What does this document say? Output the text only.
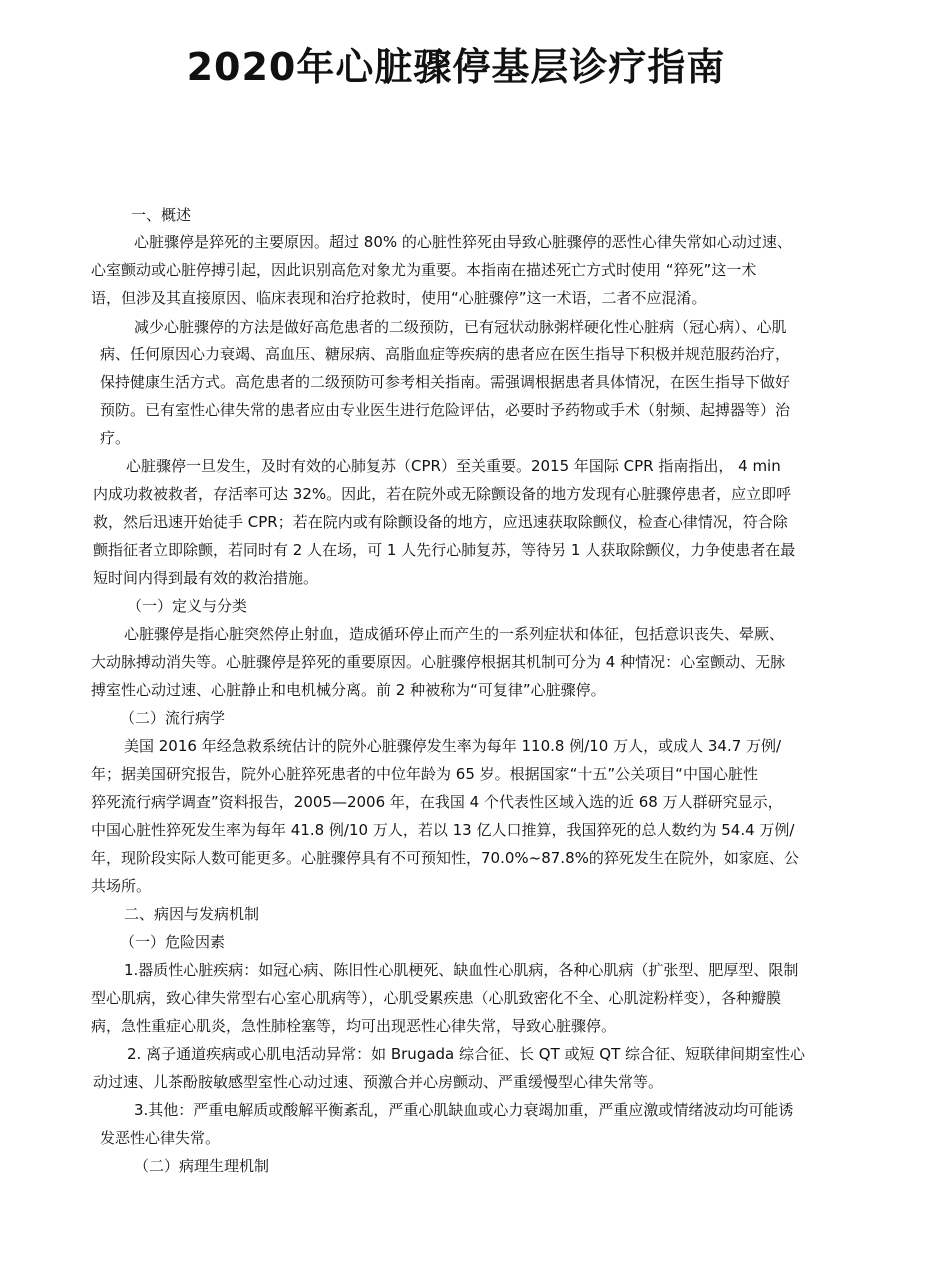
2020年心脏骤停基层诊疗指南
一、概述
心脏骤停是猝死的主要原因。超过 80% 的心脏性猝死由导致心脏骤停的恶性心律失常如心动过速、
心室颤动或心脏停搏引起，因此识别高危对象尤为重要。本指南在描述死亡方式时使用 “猝死”这一术
语，但涉及其直接原因、临床表现和治疗抢救时，使用“心脏骤停”这一术语，二者不应混淆。
减少心脏骤停的方法是做好高危患者的二级预防，已有冠状动脉粥样硬化性心脏病（冠心病）、心肌
病、任何原因心力衰竭、高血压、糖尿病、高脂血症等疾病的患者应在医生指导下积极并规范服药治疗，
保持健康生活方式。高危患者的二级预防可参考相关指南。需强调根据患者具体情况，在医生指导下做好
预防。已有室性心律失常的患者应由专业医生进行危险评估，必要时予药物或手术（射频、起搏器等）治
疗。
心脏骤停一旦发生，及时有效的心肺复苏（CPR）至关重要。2015 年国际 CPR 指南指出， 4 min
内成功救被救者，存活率可达 32%。因此，若在院外或无除颤设备的地方发现有心脏骤停患者，应立即呼
救，然后迅速开始徒手 CPR；若在院内或有除颤设备的地方，应迅速获取除颤仪，检查心律情况，符合除
颤指征者立即除颤，若同时有 2 人在场，可 1 人先行心肺复苏，等待另 1 人获取除颤仪，力争使患者在最
短时间内得到最有效的救治措施。
（一）定义与分类
心脏骤停是指心脏突然停止射血，造成循环停止而产生的一系列症状和体征，包括意识丧失、晕厥、
大动脉搏动消失等。心脏骤停是猝死的重要原因。心脏骤停根据其机制可分为 4 种情况：心室颤动、无脉
搏室性心动过速、心脏静止和电机械分离。前 2 种被称为“可复律”心脏骤停。
（二）流行病学
美国 2016 年经急救系统估计的院外心脏骤停发生率为每年 110.8 例/10 万人，或成人 34.7 万例/
年；据美国研究报告，院外心脏猝死患者的中位年龄为 65 岁。根据国家“十五”公关项目“中国心脏性
猝死流行病学调查”资料报告，2005—2006 年，在我国 4 个代表性区域入选的近 68 万人群研究显示，
中国心脏性猝死发生率为每年 41.8 例/10 万人，若以 13 亿人口推算，我国猝死的总人数约为 54.4 万例/
年，现阶段实际人数可能更多。心脏骤停具有不可预知性，70.0%~87.8%的猝死发生在院外，如家庭、公
共场所。
二、病因与发病机制
（一）危险因素
1.器质性心脏疾病：如冠心病、陈旧性心肌梗死、缺血性心肌病，各种心肌病（扩张型、肥厚型、限制
型心肌病，致心律失常型右心室心肌病等），心肌受累疾患（心肌致密化不全、心肌淀粉样变），各种瓣膜
病，急性重症心肌炎，急性肺栓塞等，均可出现恶性心律失常，导致心脏骤停。
2. 离子通道疾病或心肌电活动异常：如 Brugada 综合征、长 QT 或短 QT 综合征、短联律间期室性心
动过速、儿茶酚胺敏感型室性心动过速、预激合并心房颤动、严重缓慢型心律失常等。
3.其他：严重电解质或酸解平衡紊乱，严重心肌缺血或心力衰竭加重，严重应激或情绪波动均可能诱
发恶性心律失常。
（二）病理生理机制
